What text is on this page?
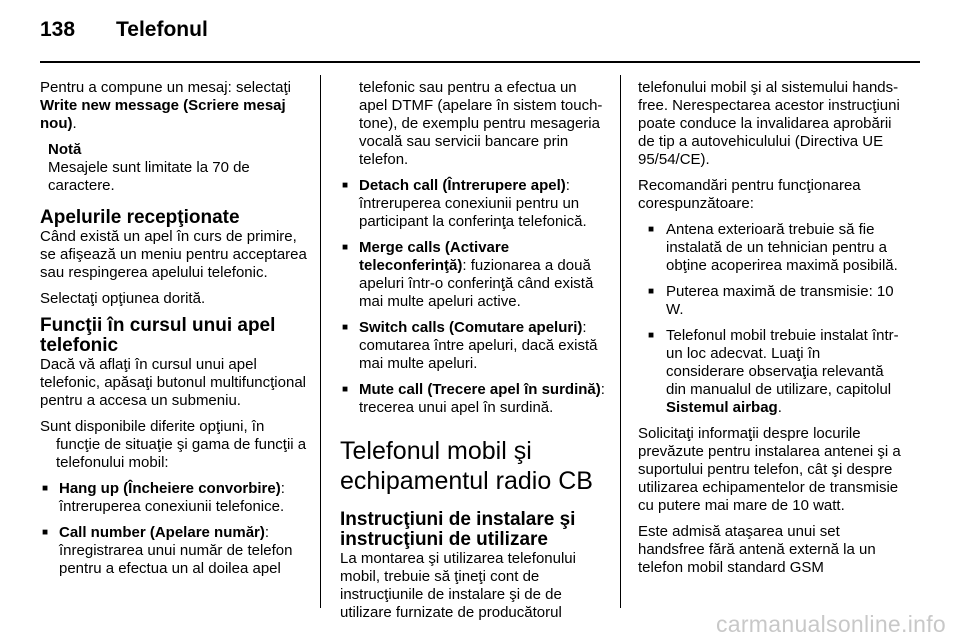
138 Telefonul

Pentru a compune un mesaj: selectaţi Write new message (Scriere mesaj nou).

Notă
Mesajele sunt limitate la 70 de caractere.
Apelurile recepţionate

Când există un apel în curs de primire, se afişează un meniu pentru acceptarea sau respingerea apelului telefonic.

Selectaţi opţiunea dorită.

Funcţii în cursul unui apel telefonic

Dacă vă aflaţi în cursul unui apel telefonic, apăsaţi butonul multifuncţional pentru a accesa un submeniu.

Sunt disponibile diferite opţiuni, în funcţie de situaţie şi gama de funcţii a telefonului mobil:

■ Hang up (Încheiere convorbire): întreruperea conexiunii telefonice.
■ Call number (Apelare număr): înregistrarea unui număr de telefon pentru a efectua un al doilea apel

telefonic sau pentru a efectua un apel DTMF (apelare în sistem touch-tone), de exemplu pentru mesageria vocală sau servicii bancare prin telefon.

■ Detach call (Întrerupere apel): întreruperea conexiunii pentru un participant la conferinţa telefonică.
■ Merge calls (Activare teleconferinţă): fuzionarea a două apeluri într-o conferinţă când există mai multe apeluri active.
■ Switch calls (Comutare apeluri): comutarea între apeluri, dacă există mai multe apeluri.
■ Mute call (Trecere apel în surdină): trecerea unui apel în surdină.
Telefonul mobil şi echipamentul radio CB
Instrucţiuni de instalare şi instrucţiuni de utilizare

La montarea şi utilizarea telefonului mobil, trebuie să ţineţi cont de instrucţiunile de instalare şi de de utilizare furnizate de producătorul

telefonului mobil şi al sistemului hands-free. Nerespectarea acestor instrucţiuni poate conduce la invalidarea aprobării de tip a autovehiculului (Directiva UE 95/54/CE).

Recomandări pentru funcţionarea corespunzătoare:

■ Antena exterioară trebuie să fie instalată de un tehnician pentru a obţine acoperirea maximă posibilă.
■ Puterea maximă de transmisie: 10 W.
■ Telefonul mobil trebuie instalat într-un loc adecvat. Luaţi în considerare observaţia relevantă din manualul de utilizare, capitolul Sistemul airbag.

Solicitaţi informaţii despre locurile prevăzute pentru instalarea antenei şi a suportului pentru telefon, cât şi despre utilizarea echipamentelor de transmisie cu putere mai mare de 10 watt.

Este admisă ataşarea unui set handsfree fără antenă externă la un telefon mobil standard GSM

carmanualsonline.info
